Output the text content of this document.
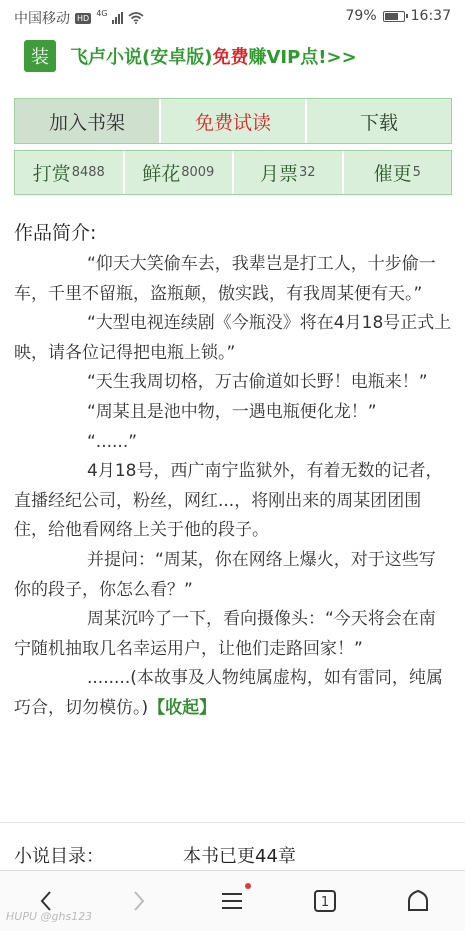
中国移动 HD
4G	79% 16:37
装	飞卢小说(安卓版)免费赚VIP点!>>
加入书架	免费试读	下载
打赏 8488 鲜花 8009 月票 32	催更 5
作品简介:

“仰天大笑偷车去，我辈岂是打工人，十步偷一车，千里不留瓶，盗瓶颠，傲实践，有我周某便有天。”

“大型电视连续剧《今瓶没》将在4月18号正式上映，请各位记得把电瓶上锁。”

“天生我周切格，万古偷道如长野！电瓶来！”

“周某且是池中物，一遇电瓶便化龙！”

“......”

4月18号，西广南宁监狱外，有着无数的记者，直播经纪公司，粉丝，网红...，将刚出来的周某团团围住，给他看网络上关于他的段子。

并提问：“周某，你在网络上爆火，对于这些写你的段子，你怎么看？”

周某沉吟了一下，看向摄像头：“今天将会在南宁随机抽取几名幸运用户，让他们走路回家！”

........(本故事及人物纯属虚构，如有雷同，纯属巧合，切勿模仿。)【收起】

小说目录：	本书已更44章
1
HUPU @ghs123
